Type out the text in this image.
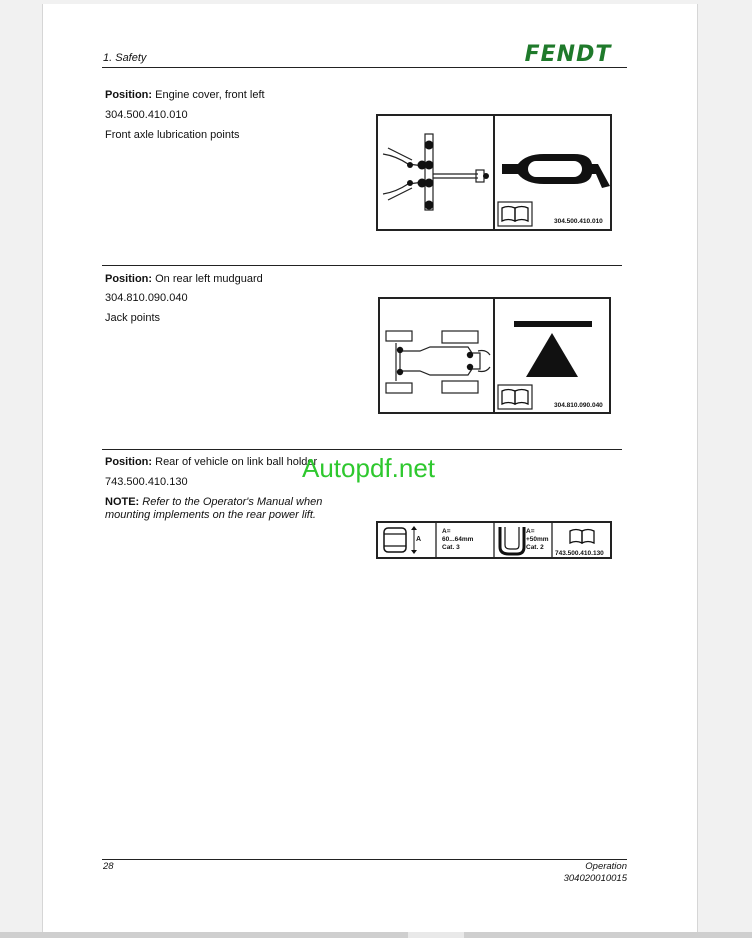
1. Safety	FENDT
Position: Engine cover, front left
304.500.410.010
Front axle lubrication points
304.500.410.010
Position: On rear left mudguard
304.810.090.040
Jack points
304.810.090.040
Position: Rear of vehicle on link ball holder
743.500.410.130
NOTE: Refer to the Operator's Manual when
mounting implements on the rear power lift.
A
A=
60...64mm
Cat. 3
A=
+50mm
Cat. 2
743.500.410.130
28	Operation
304020010015
Autopdf.net
